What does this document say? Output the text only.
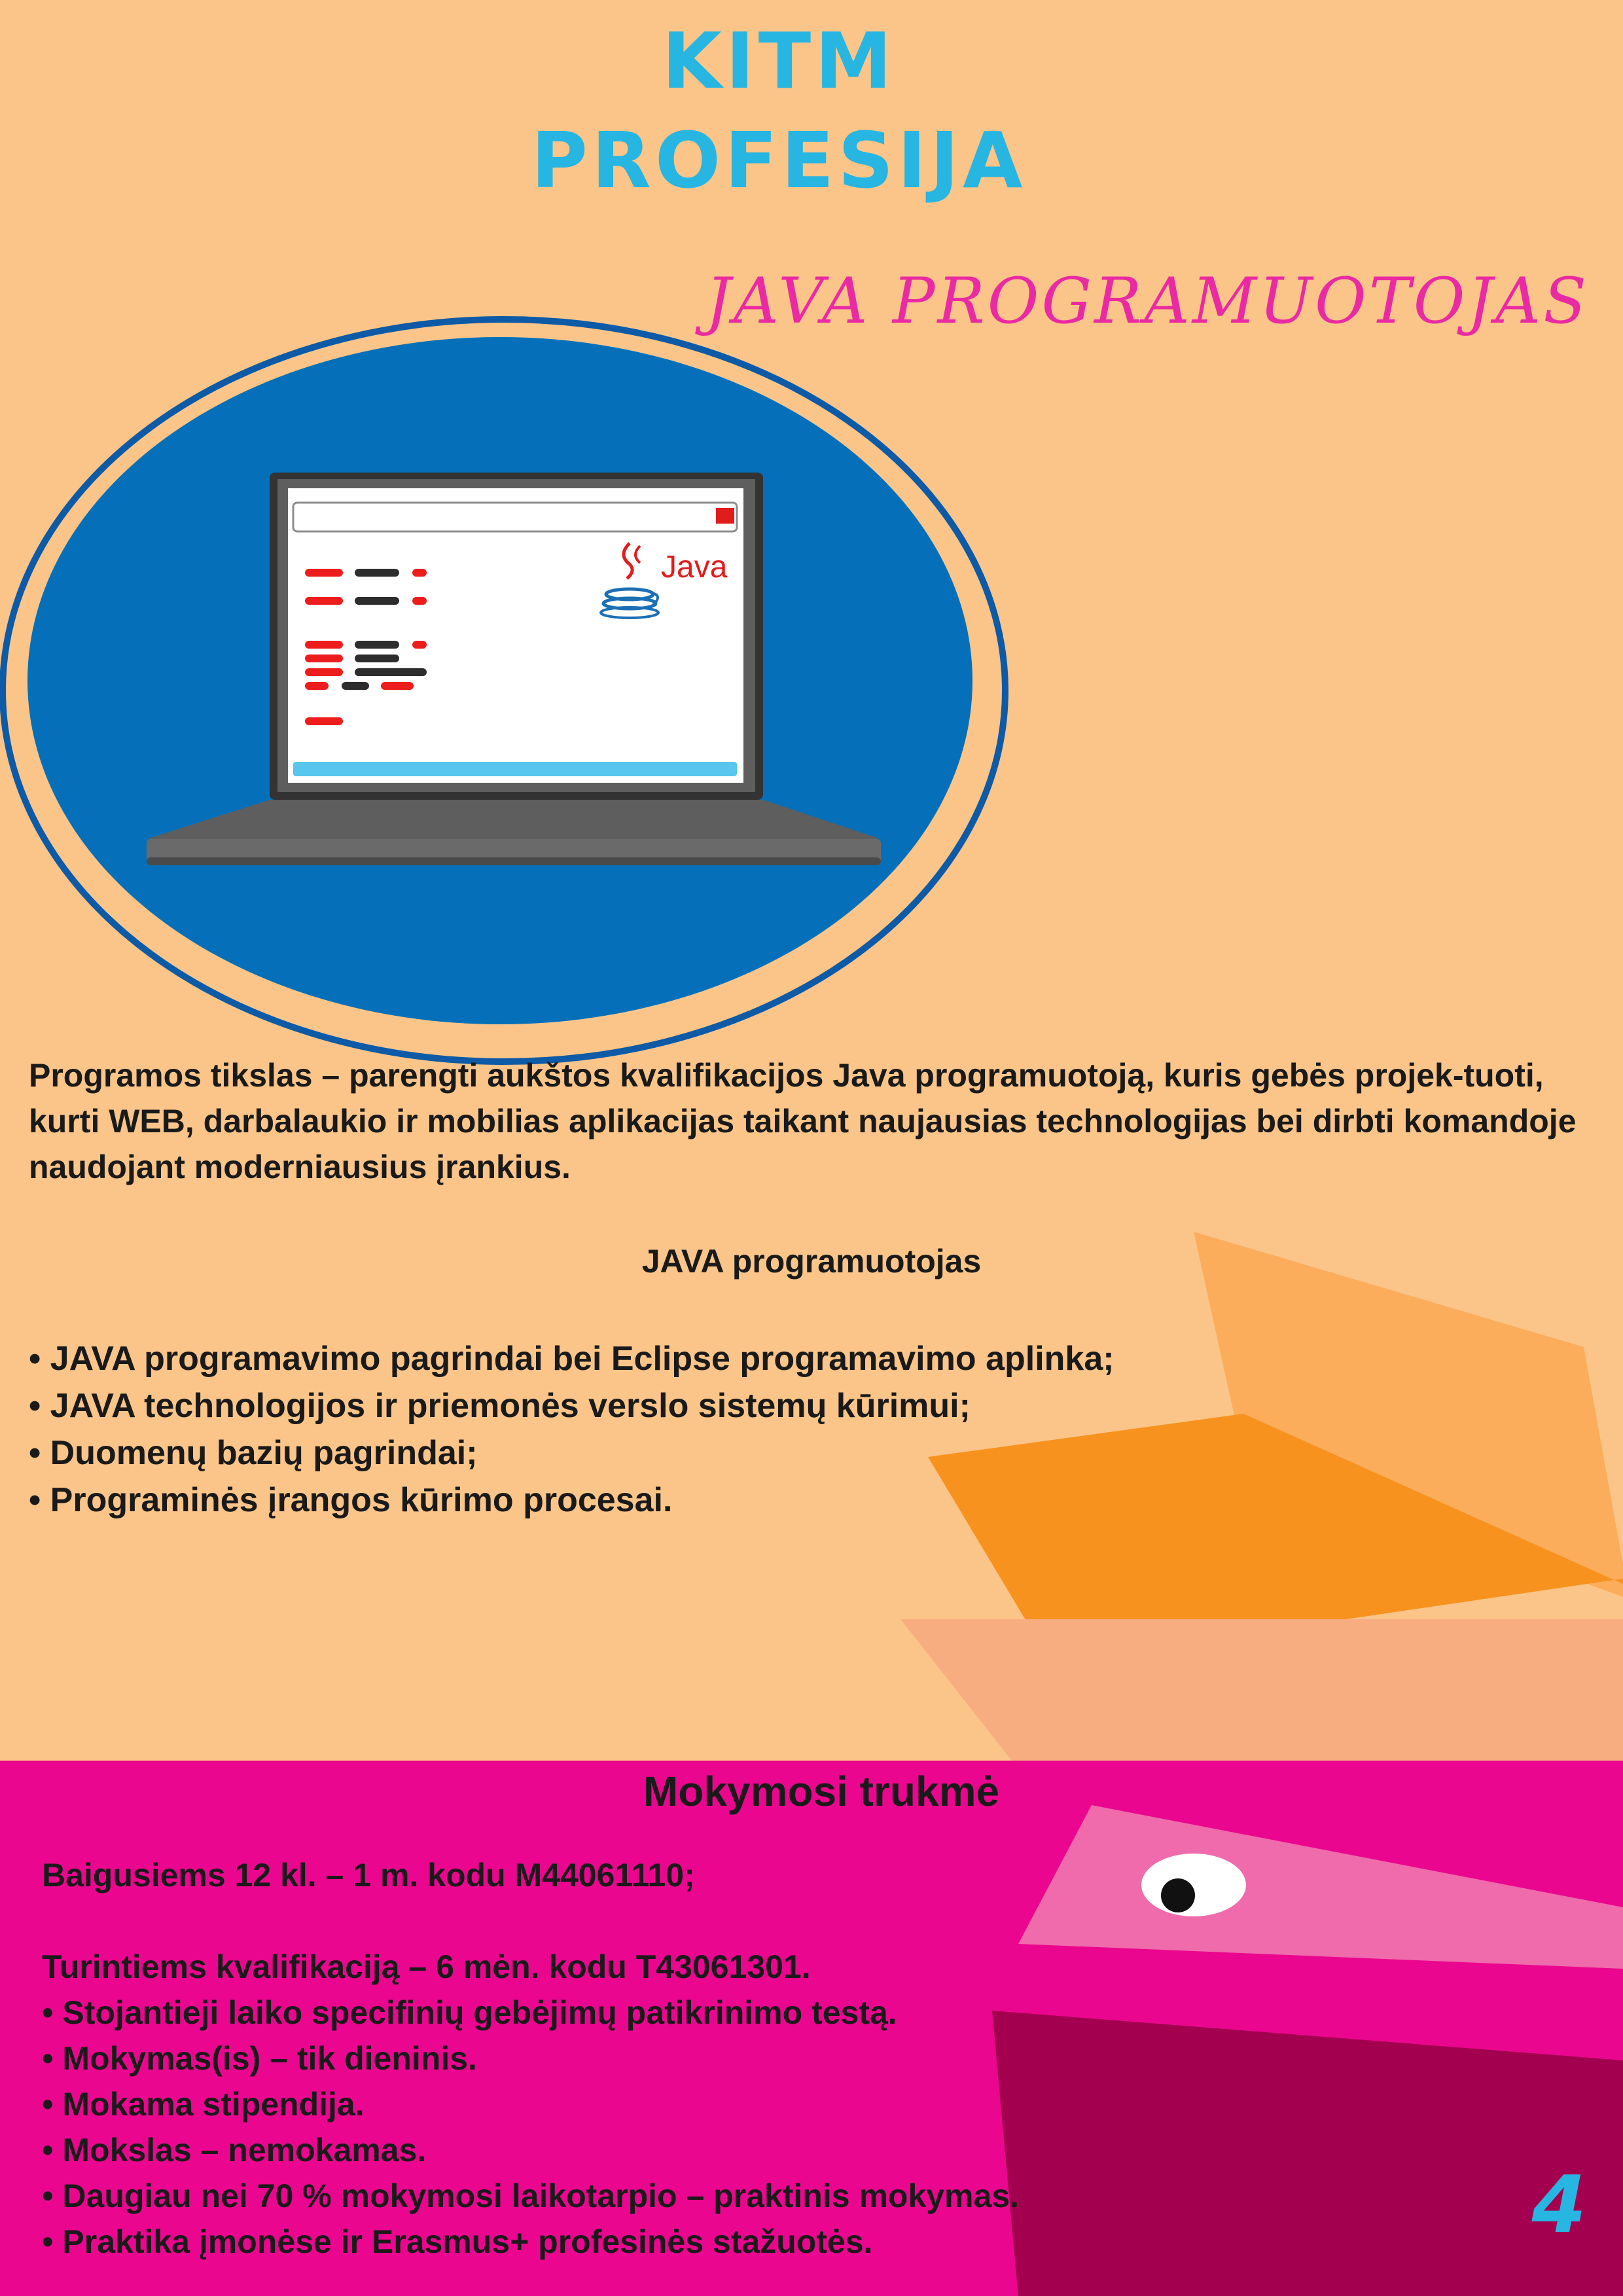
KITM
PROFESIJA
JAVA PROGRAMUOTOJAS
Java
Programos tikslas – parengti aukštos kvalifikacijos Java programuotoją, kuris gebės projek-tuoti, kurti WEB, darbalaukio ir mobilias aplikacijas taikant naujausias technologijas bei dirbti komandoje naudojant moderniausius įrankius.
JAVA programuotojas
• JAVA programavimo pagrindai bei Eclipse programavimo aplinka;
• JAVA technologijos ir priemonės verslo sistemų kūrimui;
• Duomenų bazių pagrindai;
• Programinės įrangos kūrimo procesai.
Mokymosi trukmė
Baigusiems 12 kl. – 1 m. kodu M44061110;

Turintiems kvalifikaciją – 6 mėn. kodu T43061301.
• Stojantieji laiko specifinių gebėjimų patikrinimo testą.
• Mokymas(is) – tik dieninis.
• Mokama stipendija.
• Mokslas – nemokamas.
• Daugiau nei 70 % mokymosi laikotarpio – praktinis mokymas.
• Praktika įmonėse ir Erasmus+ profesinės stažuotės.	4
